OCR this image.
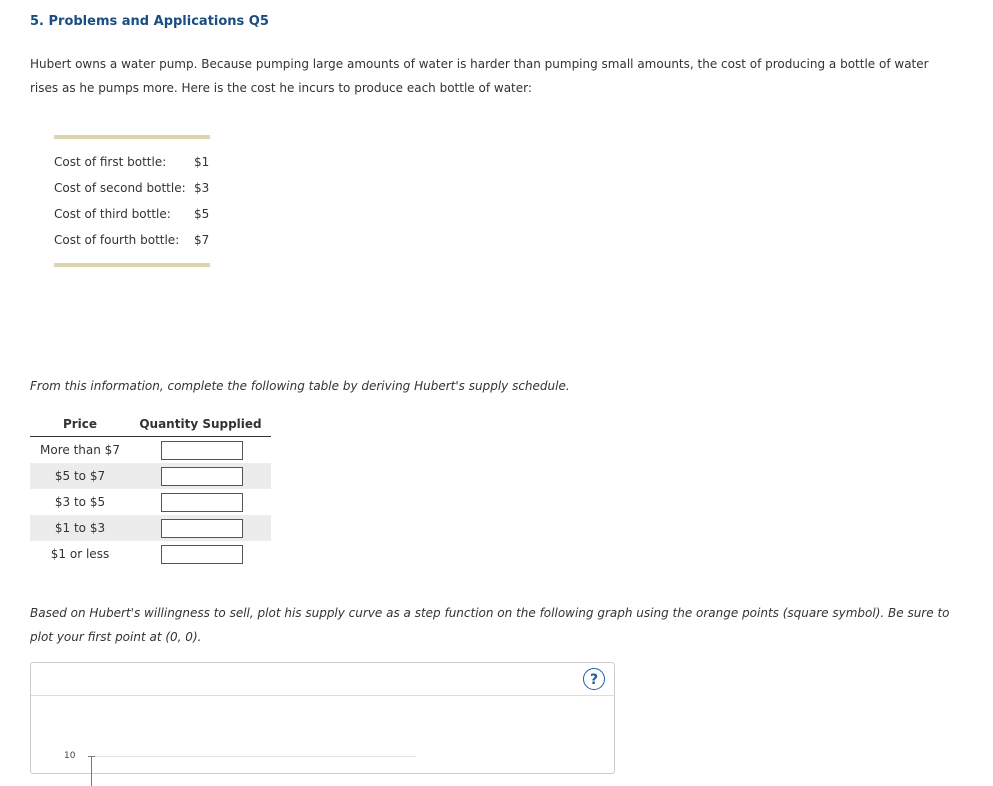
5. Problems and Applications Q5
Hubert owns a water pump. Because pumping large amounts of water is harder than pumping small amounts, the cost of producing a bottle of water rises as he pumps more. Here is the cost he incurs to produce each bottle of water:
Cost of first bottle:	$1
Cost of second bottle: $3
Cost of third bottle:	$5
Cost of fourth bottle:	$7
From this information, complete the following table by deriving Hubert's supply schedule.
Price	Quantity Supplied
More than $7
$5 to $7
$3 to $5
$1 to $3
$1 or less
Based on Hubert's willingness to sell, plot his supply curve as a step function on the following graph using the orange points (square symbol). Be sure to plot your first point at (0, 0).
?
10
